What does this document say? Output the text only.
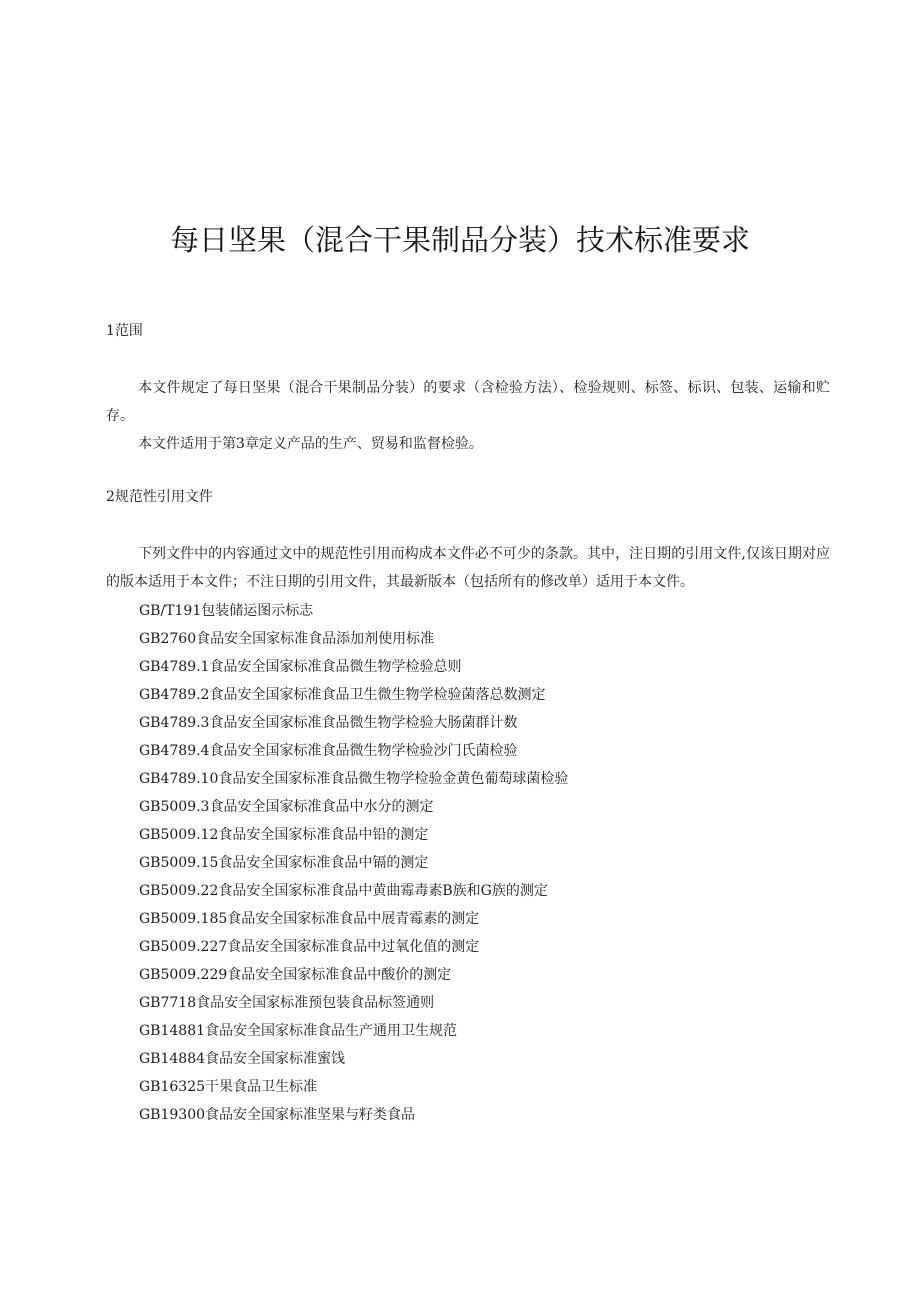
每日坚果（混合干果制品分装）技术标准要求
1范围

本文件规定了每日坚果（混合干果制品分装）的要求（含检验方法）、检验规则、标签、标识、包装、运输和贮存。

本文件适用于第3章定义产品的生产、贸易和监督检验。

2规范性引用文件

下列文件中的内容通过文中的规范性引用而构成本文件必不可少的条款。其中，注日期的引用文件,仅该日期对应的版本适用于本文件；不注日期的引用文件，其最新版本（包括所有的修改单）适用于本文件。

GB/T191包装储运图示标志
GB2760食品安全国家标准食品添加剂使用标准
GB4789.1食品安全国家标准食品微生物学检验总则
GB4789.2食品安全国家标准食品卫生微生物学检验菌落总数测定
GB4789.3食品安全国家标准食品微生物学检验大肠菌群计数
GB4789.4食品安全国家标准食品微生物学检验沙门氏菌检验
GB4789.10食品安全国家标准食品微生物学检验金黄色葡萄球菌检验
GB5009.3食品安全国家标准食品中水分的测定
GB5009.12食品安全国家标准食品中铅的测定
GB5009.15食品安全国家标准食品中镉的测定
GB5009.22食品安全国家标准食品中黄曲霉毒素B族和G族的测定
GB5009.185食品安全国家标准食品中展青霉素的测定
GB5009.227食品安全国家标准食品中过氧化值的测定
GB5009.229食品安全国家标准食品中酸价的测定
GB7718食品安全国家标准预包装食品标签通则
GB14881食品安全国家标准食品生产通用卫生规范
GB14884食品安全国家标准蜜饯
GB16325干果食品卫生标准
GB19300食品安全国家标准坚果与籽类食品
